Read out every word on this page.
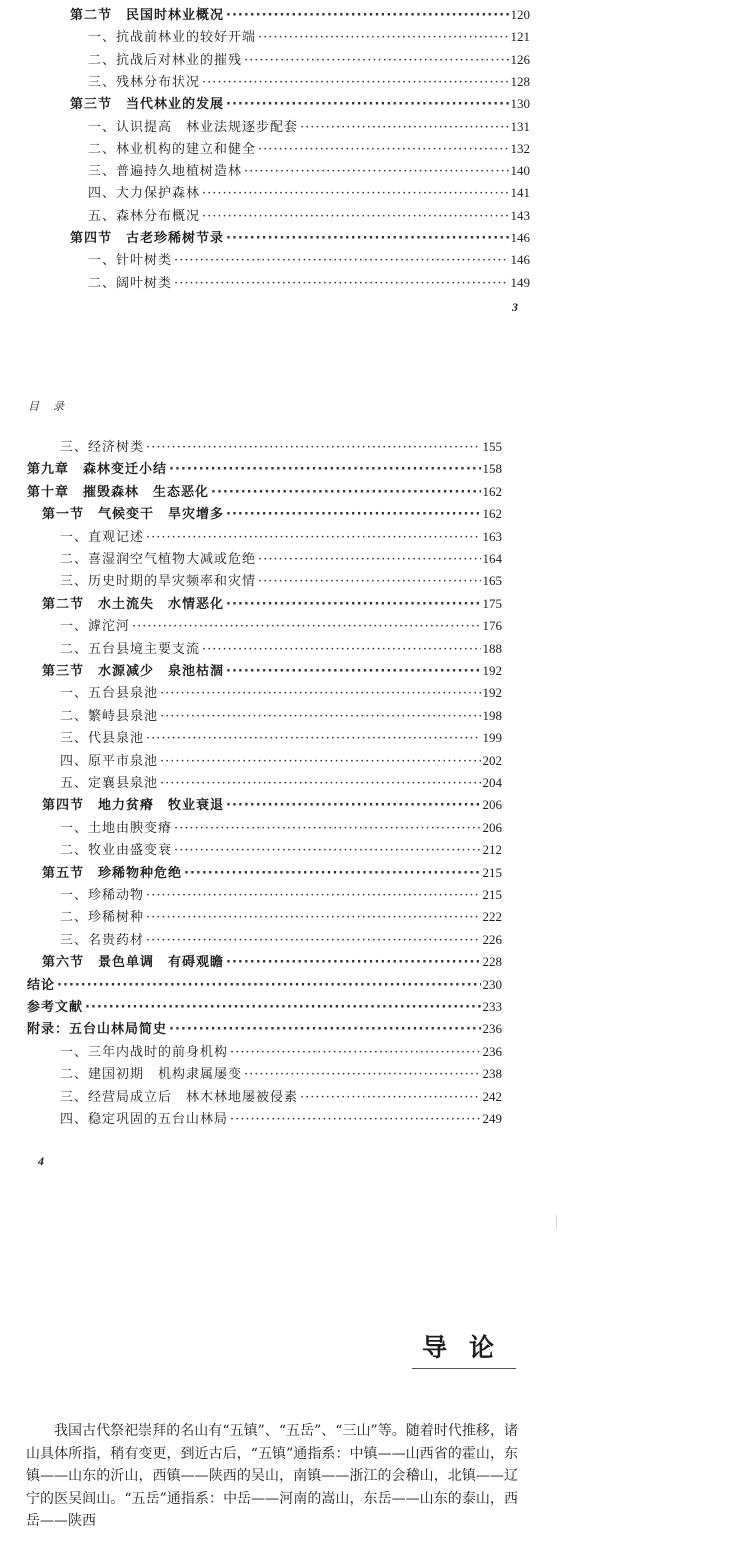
第二节　民国时林业概况 ·····	120
一、抗战前林业的较好开端 ·····	121
二、抗战后对林业的摧残 ·····	126
三、残林分布状况 ·····	128
第三节　当代林业的发展 ·····	130
一、认识提高　林业法规逐步配套 ·····	131
二、林业机构的建立和健全 ·····	132
三、普遍持久地植树造林 ·····	140
四、大力保护森林 ·····	141
五、森林分布概况 ·····	143
第四节　古老珍稀树节录 ·····	146
一、针叶树类 ·····	146
二、阔叶树类 ·····	149
3
目录
三、经济树类 ·····	155
第九章　森林变迁小结 ·····	158
第十章　摧毁森林　生态恶化 ·····	162
第一节　气候变干　旱灾增多 ·····	162
一、直观记述 ·····	163
二、喜湿润空气植物大减或危绝 ·····	164
三、历史时期的旱灾频率和灾情 ·····	165
第二节　水土流失　水情恶化 ·····	175
一、滹沱河 ·····	176
二、五台县境主要支流 ·····	188
第三节　水源减少　泉池枯涸 ·····	192
一、五台县泉池 ·····	192
二、繁峙县泉池 ·····	198
三、代县泉池 ·····	199
四、原平市泉池 ·····	202
五、定襄县泉池 ·····	204
第四节　地力贫瘠　牧业衰退 ·····	206
一、土地由腴变瘠 ·····	206
二、牧业由盛变衰 ·····	212
第五节　珍稀物种危绝 ·····	215
一、珍稀动物 ·····	215
二、珍稀树种 ·····	222
三、名贵药材 ·····	226
第六节　景色单调　有碍观瞻 ·····	228
结论 ·····	230
参考文献 ·····	233
附录：五台山林局简史 ·····	236
一、三年内战时的前身机构 ·····	236
二、建国初期　机构隶属屡变 ·····	238
三、经营局成立后　林木林地屡被侵素 ·····	242
四、稳定巩固的五台山林局 ·····	249
4
导论
我国古代祭祀崇拜的名山有“五镇”、“五岳”、“三山”等。随着时代推移，诸山具体所指，稍有变更，到近古后，“五镇”通指系：中镇——山西省的霍山，东镇——山东的沂山，西镇——陕西的吴山，南镇——浙江的会稽山，北镇——辽宁的医吴闾山。“五岳”通指系：中岳——河南的嵩山，东岳——山东的泰山，西岳——陕西
